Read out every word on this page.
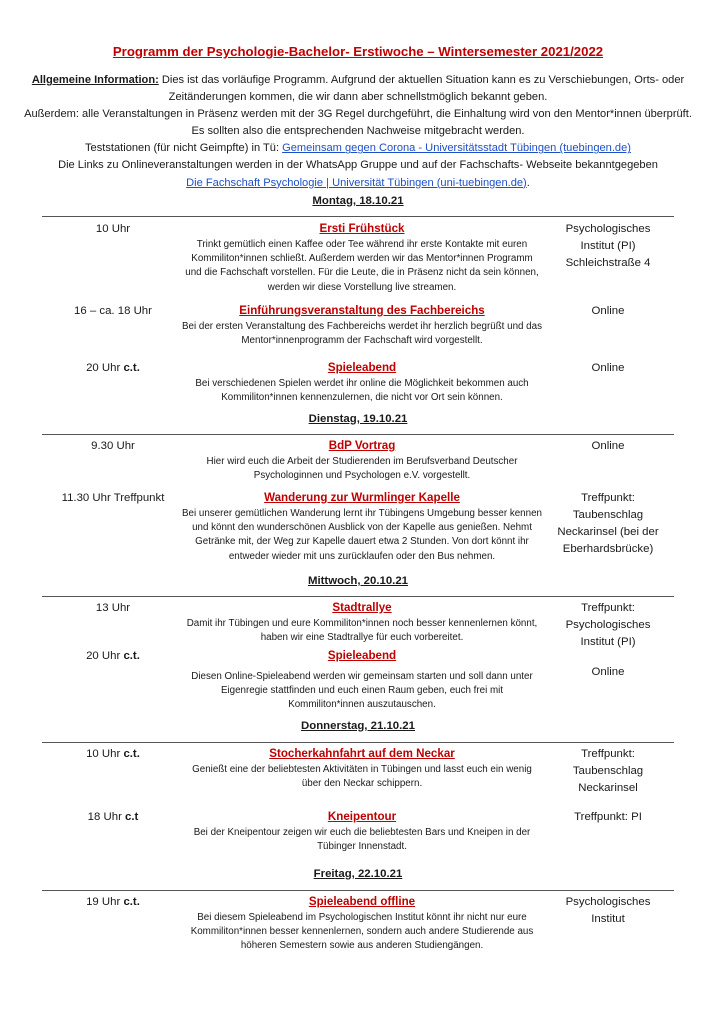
Programm der Psychologie-Bachelor- Erstiwoche – Wintersemester 2021/2022

Allgemeine Information: Dies ist das vorläufige Programm. Aufgrund der aktuellen Situation kann es zu Verschiebungen, Orts- oder Zeitänderungen kommen, die wir dann aber schnellstmöglich bekannt geben.

Außerdem: alle Veranstaltungen in Präsenz werden mit der 3G Regel durchgeführt, die Einhaltung wird von den Mentor*innen überprüft. Es sollten also die entsprechenden Nachweise mitgebracht werden.

Teststationen (für nicht Geimpfte) in Tü: Gemeinsam gegen Corona - Universitätsstadt Tübingen (tuebingen.de)

Die Links zu Onlineveranstaltungen werden in der WhatsApp Gruppe und auf der Fachschafts- Webseite bekanntgegeben

Die Fachschaft Psychologie | Universität Tübingen (uni-tuebingen.de).

Montag, 18.10.21
10 Uhr	Ersti Frühstück
Trinkt gemütlich einen Kaffee oder Tee während ihr erste Kontakte mit euren Kommiliton*innen schließt. Außerdem werden wir das Mentor*innen Programm und die Fachschaft vorstellen. Für die Leute, die in Präsenz nicht da sein können, werden wir diese Vorstellung live streamen.
Psychologisches Institut (PI) Schleichstraße 4
16 – ca. 18 Uhr	Einführungsveranstaltung des Fachbereichs
Bei der ersten Veranstaltung des Fachbereichs werdet ihr herzlich begrüßt und das Mentor*innenprogramm der Fachschaft wird vorgestellt.
Online
20 Uhr c.t.	Spieleabend
Bei verschiedenen Spielen werdet ihr online die Möglichkeit bekommen auch Kommiliton*innen kennenzulernen, die nicht vor Ort sein können.
Online
Dienstag, 19.10.21
9.30 Uhr	BdP Vortrag
Hier wird euch die Arbeit der Studierenden im Berufsverband Deutscher Psychologinnen und Psychologen e.V. vorgestellt.
Online
11.30 Uhr Treffpunkt	Wanderung zur Wurmlinger Kapelle
Bei unserer gemütlichen Wanderung lernt ihr Tübingens Umgebung besser kennen und könnt den wunderschönen Ausblick von der Kapelle aus genießen. Nehmt Getränke mit, der Weg zur Kapelle dauert etwa 2 Stunden. Von dort könnt ihr entweder wieder mit uns zurücklaufen oder den Bus nehmen.
Treffpunkt: Taubenschlag Neckarinsel (bei der Eberhardsbrücke)
Mittwoch, 20.10.21
13 Uhr	Stadtrallye
Damit ihr Tübingen und eure Kommiliton*innen noch besser kennenlernen könnt, haben wir eine Stadtrallye für euch vorbereitet.
Treffpunkt: Psychologisches Institut (PI)
20 Uhr c.t.	Spieleabend
Diesen Online-Spieleabend werden wir gemeinsam starten und soll dann unter Eigenregie stattfinden und euch einen Raum geben, euch frei mit Kommiliton*innen auszutauschen.
Online
Donnerstag, 21.10.21
10 Uhr c.t.	Stocherkahnfahrt auf dem Neckar
Genießt eine der beliebtesten Aktivitäten in Tübingen und lasst euch ein wenig über den Neckar schippern.
Treffpunkt: Taubenschlag Neckarinsel
18 Uhr c.t	Kneipentour
Bei der Kneipentour zeigen wir euch die beliebtesten Bars und Kneipen in der Tübinger Innenstadt.
Treffpunkt: PI
Freitag, 22.10.21
19 Uhr c.t.	Spieleabend offline
Bei diesem Spieleabend im Psychologischen Institut könnt ihr nicht nur eure Kommiliton*innen besser kennenlernen, sondern auch andere Studierende aus höheren Semestern sowie aus anderen Studiengängen.
Psychologisches Institut
